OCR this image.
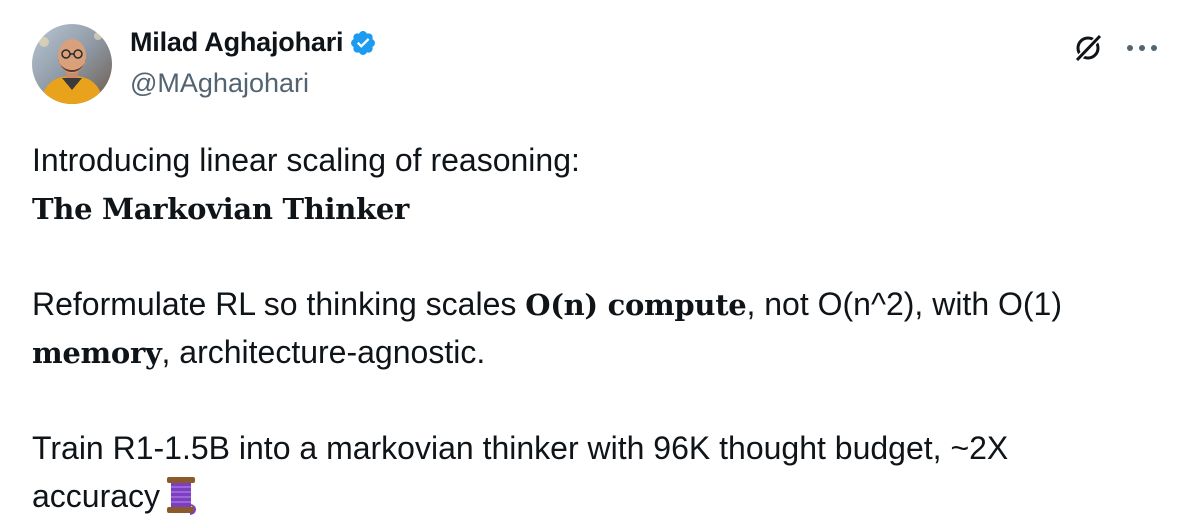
Milad Aghajohari
@MAghajohari
Introducing linear scaling of reasoning:
The Markovian Thinker
Reformulate RL so thinking scales O(n) compute, not O(n^2), with O(1)
memory, architecture-agnostic.
Train R1-1.5B into a markovian thinker with 96K thought budget, ~2X
accuracy
